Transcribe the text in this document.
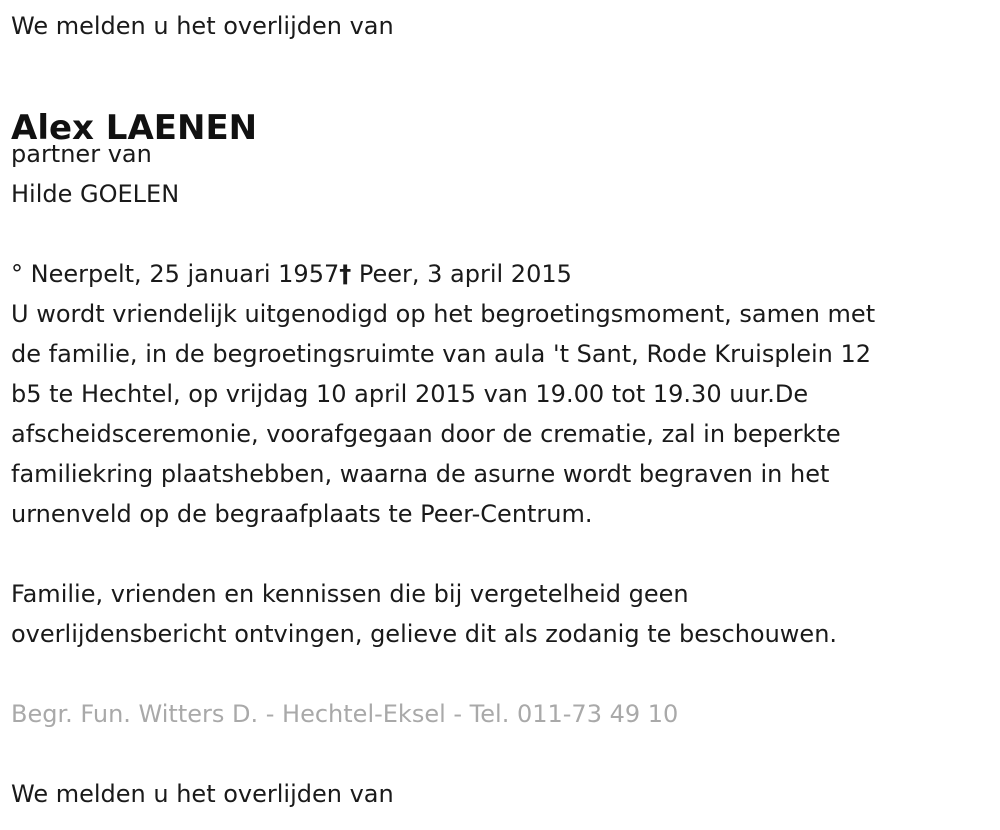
We melden u het overlijden van

Alex LAENEN

partner van

Hilde GOELEN

° Neerpelt, 25 januari 1957† Peer, 3 april 2015

U wordt vriendelijk uitgenodigd op het begroetingsmoment, samen met
de familie, in de begroetingsruimte van aula 't Sant, Rode Kruisplein 12
b5 te Hechtel, op vrijdag 10 april 2015 van 19.00 tot 19.30 uur.De
afscheidsceremonie, voorafgegaan door de crematie, zal in beperkte
familiekring plaatshebben, waarna de asurne wordt begraven in het
urnenveld op de begraafplaats te Peer-Centrum.
Familie, vrienden en kennissen die bij vergetelheid geen
overlijdensbericht ontvingen, gelieve dit als zodanig te beschouwen.

Begr. Fun. Witters D. - Hechtel-Eksel - Tel. 011-73 49 10

We melden u het overlijden van
